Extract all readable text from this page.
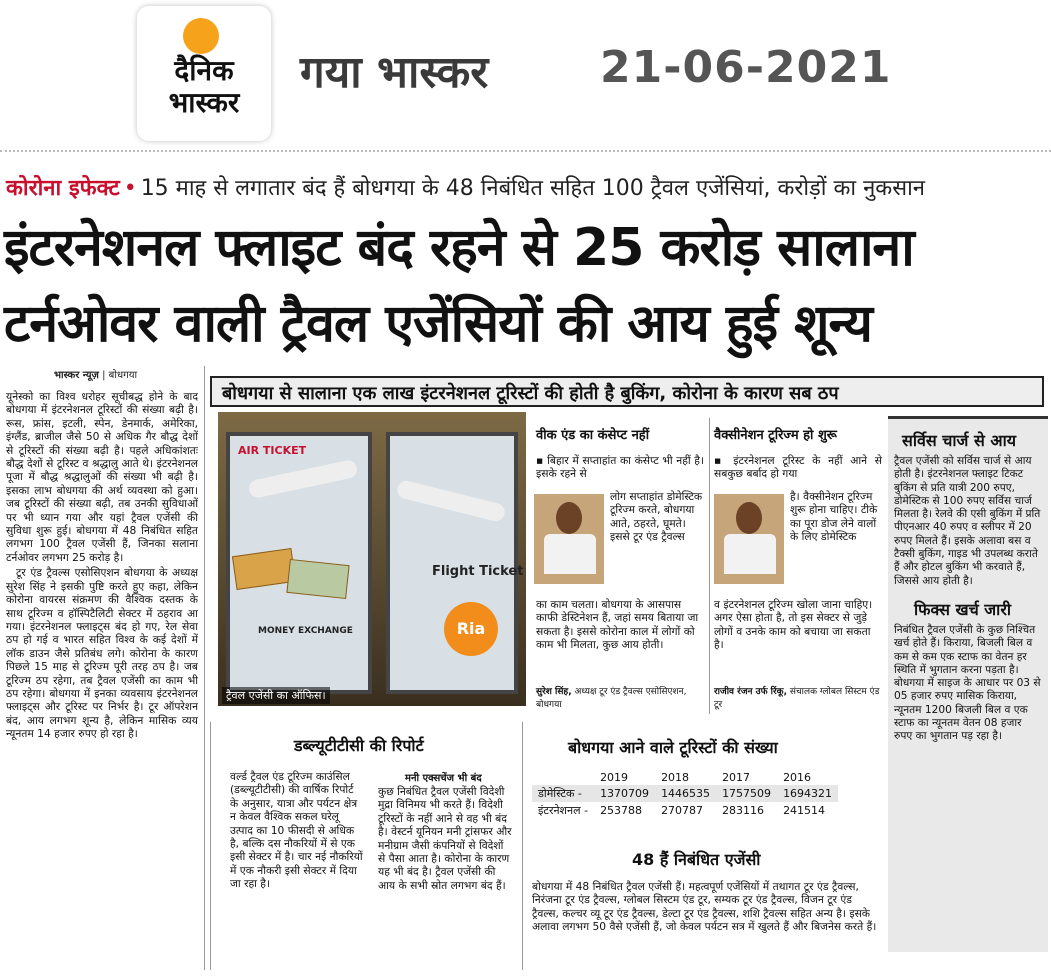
दैनिक
भास्कर
गया भास्कर	21-06-2021
कोरोना इफेक्ट • 15 माह से लगातार बंद हैं बोधगया के 48 निबंधित सहित 100 ट्रैवल एजेंसियां, करोड़ों का नुकसान
इंटरनेशनल फ्लाइट बंद रहने से 25 करोड़ सालाना
टर्नओवर वाली ट्रैवल एजेंसियों की आय हुई शून्य
भास्कर न्यूज़ | बोधगया

यूनेस्को का विश्व धरोहर सूचीबद्ध होने के बाद बोधगया में इंटरनेशनल टूरिस्टों की संख्या बढ़ी है। रूस, फ्रांस, इटली, स्पेन, डेनमार्क, अमेरिका, इंग्लैंड, ब्राजील जैसे 50 से अधिक गैर बौद्ध देशों से टूरिस्टों की संख्या बढ़ी है। पहले अधिकांशतः बौद्ध देशों से टूरिस्ट व श्रद्धालु आते थे। इंटरनेशनल पूजा में बौद्ध श्रद्धालुओं की संख्या भी बढ़ी है। इसका लाभ बोधगया की अर्थ व्यवस्था को हुआ। जब टूरिस्टों की संख्या बढ़ी, तब उनकी सुविधाओं पर भी ध्यान गया और यहां ट्रैवल एजेंसी की सुविधा शुरू हुई। बोधगया में 48 निबंधित सहित लगभग 100 ट्रैवल एजेंसी हैं, जिनका सलाना टर्नओवर लगभग 25 करोड़ है।

टूर एंड ट्रैवल्स एसोसिएशन बोधगया के अध्यक्ष सुरेश सिंह ने इसकी पुष्टि करते हुए कहा, लेकिन कोरोना वायरस संक्रमण की वैश्विक दस्तक के साथ टूरिज्म व हॉस्पिटैलिटी सेक्टर में ठहराव आ गया। इंटरनेशनल फ्लाइट्स बंद हो गए, रेल सेवा ठप हो गई व भारत सहित विश्व के कई देशों में लॉक डाउन जैसे प्रतिबंध लगे। कोरोना के कारण पिछले 15 माह से टूरिज्म पूरी तरह ठप है। जब टूरिज्म ठप रहेगा, तब ट्रैवल एजेंसी का काम भी ठप रहेगा। बोधगया में इनका व्यवसाय इंटरनेशनल फ्लाइट्स और टूरिस्ट पर निर्भर है। टूर ऑपरेशन बंद, आय लगभग शून्य है, लेकिन मासिक व्यय न्यूनतम 14 हजार रुपए हो रहा है।

बोधगया से सालाना एक लाख इंटरनेशनल टूरिस्टों की होती है बुकिंग, कोरोना के कारण सब ठप
AIR TICKET
Flight Ticket
MONEY EXCHANGE	Ria
ट्रैवल एजेंसी का ऑफिस।
वीक एंड का कंसेप्ट नहीं
▪ बिहार में सप्ताहांत का कंसेप्ट भी नहीं है। इसके रहने से
लोग सप्ताहांत डोमेस्टिक टूरिज्म करते, बोधगया आते, ठहरते, घूमते। इससे टूर एंड ट्रैवल्स
का काम चलता। बोधगया के आसपास काफी डेस्टिनेशन हैं, जहां समय बिताया जा सकता है। इससे कोरोना काल में लोगों को काम भी मिलता, कुछ आय होती।
सुरेश सिंह, अध्यक्ष टूर एंड ट्रैवल्स एसोसिएशन, बोधगया
वैक्सीनेशन टूरिज्म हो शुरू
▪ इंटरनेशनल टूरिस्ट के नहीं आने से सबकुछ बर्बाद हो गया
है। वैक्सीनेशन टूरिज्म शुरू होना चाहिए। टीके का पूरा डोज लेने वालों के लिए डोमेस्टिक
व इंटरनेशनल टूरिज्म खोला जाना चाहिए। अगर ऐसा होता है, तो इस सेक्टर से जुड़े लोगों व उनके काम को बचाया जा सकता है।
राजीव रंजन उर्फ रिंकू, संचालक ग्लोबल सिस्टम एंड टूर
सर्विस चार्ज से आय
ट्रैवल एजेंसी को सर्विस चार्ज से आय होती है। इंटरनेशनल फ्लाइट टिकट बुकिंग से प्रति यात्री 200 रुपए, डोमेस्टिक से 100 रुपए सर्विस चार्ज मिलता है। रेलवे की एसी बुकिंग में प्रति पीएनआर 40 रुपए व स्लीपर में 20 रुपए मिलते हैं। इसके अलावा बस व टैक्सी बुकिंग, गाइड भी उपलब्ध कराते हैं और होटल बुकिंग भी करवाते हैं, जिससे आय होती है।
फिक्स खर्च जारी
निबंधित ट्रैवल एजेंसी के कुछ निश्चित खर्च होते हैं। किराया, बिजली बिल व कम से कम एक स्टाफ का वेतन हर स्थिति में भुगतान करना पड़ता है। बोधगया में साइज के आधार पर 03 से 05 हजार रुपए मासिक किराया, न्यूनतम 1200 बिजली बिल व एक स्टाफ का न्यूनतम वेतन 08 हजार रुपए का भुगतान पड़ रहा है।
डब्ल्यूटीटीसी की रिपोर्ट
वर्ल्ड ट्रैवल एंड टूरिज्म काउंसिल (डब्ल्यूटीटीसी) की वार्षिक रिपोर्ट के अनुसार, यात्रा और पर्यटन क्षेत्र न केवल वैश्विक सकल घरेलू उत्पाद का 10 फीसदी से अधिक है, बल्कि दस नौकरियों में से एक इसी सेक्टर में है। चार नई नौकरियों में एक नौकरी इसी सेक्टर में दिया जा रहा है।
मनी एक्सचेंज भी बंद
कुछ निबंधित ट्रैवल एजेंसी विदेशी मुद्रा विनिमय भी करते हैं। विदेशी टूरिस्टों के नहीं आने से वह भी बंद है। वेस्टर्न यूनियन मनी ट्रांसफर और मनीग्राम जैसी कंपनियों से विदेशों से पैसा आता है। कोरोना के कारण यह भी बंद है। ट्रैवल एजेंसी की आय के सभी स्रोत लगभग बंद हैं।
बोधगया आने वाले टूरिस्टों की संख्या
	2019	2018	2017	2016
डोमेस्टिक -	1370709	1446535	1757509	1694321
इंटरनेशनल -	253788	270787	283116	241514
48 हैं निबंधित एजेंसी
बोधगया में 48 निबंधित ट्रैवल एजेंसी हैं। महत्वपूर्ण एजेंसियों में तथागत टूर एंड ट्रैवल्स, निरंजना टूर एंड ट्रैवल्स, ग्लोबल सिस्टम एंड टूर, सम्यक टूर एंड ट्रैवल्स, विजन टूर एंड ट्रैवल्स, कल्चर व्यू टूर एंड ट्रैवल्स, डेल्टा टूर एंड ट्रैवल्स, शशि ट्रैवल्स सहित अन्य है। इसके अलावा लगभग 50 वैसे एजेंसी हैं, जो केवल पर्यटन सत्र में खुलते हैं और बिजनेस करते हैं।
